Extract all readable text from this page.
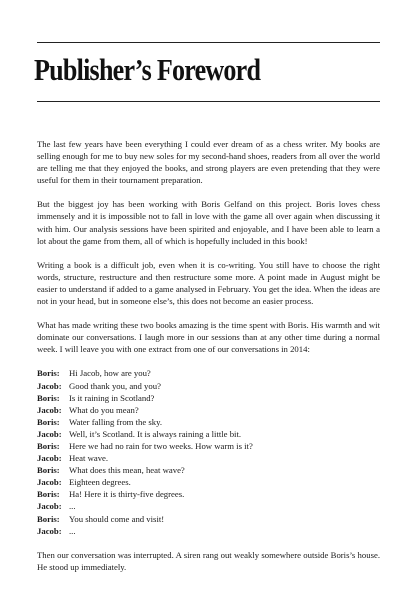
Publisher’s Foreword

The last few years have been everything I could ever dream of as a chess writer. My books are selling enough for me to buy new soles for my second-hand shoes, readers from all over the world are telling me that they enjoyed the books, and strong players are even pretending that they were useful for them in their tournament preparation.

But the biggest joy has been working with Boris Gelfand on this project. Boris loves chess immensely and it is impossible not to fall in love with the game all over again when discussing it with him. Our analysis sessions have been spirited and enjoyable, and I have been able to learn a lot about the game from them, all of which is hopefully included in this book!

Writing a book is a difficult job, even when it is co-writing. You still have to choose the right words, structure, restructure and then restructure some more. A point made in August might be easier to understand if added to a game analysed in February. You get the idea. When the ideas are not in your head, but in someone else’s, this does not become an easier process.

What has made writing these two books amazing is the time spent with Boris. His warmth and wit dominate our conversations. I laugh more in our sessions than at any other time during a normal week. I will leave you with one extract from one of our conversations in 2014:

Boris:	Hi Jacob, how are you?
Jacob: Good thank you, and you?
Boris:	Is it raining in Scotland?
Jacob: What do you mean?
Boris:	Water falling from the sky.
Jacob: Well, it’s Scotland. It is always raining a little bit.
Boris:	Here we had no rain for two weeks. How warm is it?
Jacob: Heat wave.
Boris:	What does this mean, heat wave?
Jacob: Eighteen degrees.
Boris:	Ha! Here it is thirty-five degrees.
Jacob: ...
Boris:	You should come and visit!
Jacob: ...

Then our conversation was interrupted. A siren rang out weakly somewhere outside Boris’s house. He stood up immediately.
